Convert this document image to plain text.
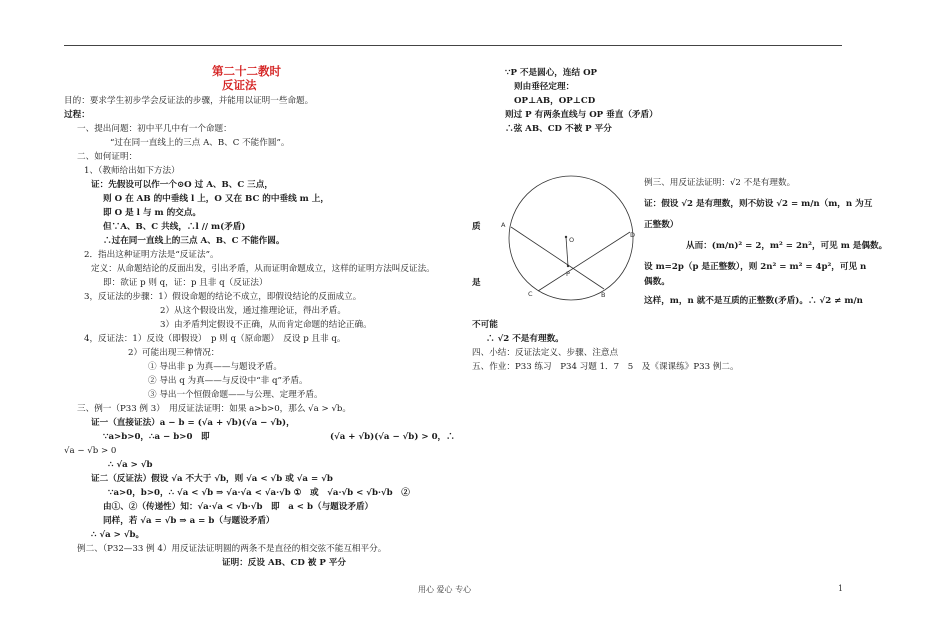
第二十二教时
反证法
目的：要求学生初步学会反证法的步骤，并能用以证明一些命题。
过程：
一、提出问题：初中平几中有一个命题：
“过在同一直线上的三点 A、B、C 不能作圆”。
二、如何证明：
1、（教师给出如下方法）
证：先假设可以作一个⊙O 过 A、B、C 三点，
则 O 在 AB 的中垂线 l 上，O 又在 BC 的中垂线 m 上，
即 O 是 l 与 m 的交点。
但∵A、B、C 共线，∴l // m(矛盾)
∴过在同一直线上的三点 A、B、C 不能作圆。
2．指出这种证明方法是“反证法”。
定义：从命题结论的反面出发，引出矛盾，从而证明命题成立，这样的证明方法叫反证法。
即：欲证 p 则 q，证：p 且非 q（反证法）
3，反证法的步骤：1）假设命题的结论不成立，即假设结论的反面成立。
2）从这个假设出发，通过推理论证，得出矛盾。
3）由矛盾判定假设不正确，从而肯定命题的结论正确。
4，反证法：1）反设（即假设）　p 则 q（原命题）　反设 p 且非 q。
2）可能出现三种情况：
① 导出非 p 为真——与题设矛盾。
② 导出 q 为真——与反设中“非 q”矛盾。
③ 导出一个恒假命题——与公理、定理矛盾。
三、例一（P33 例 3）　用反证法证明：如果 a>b>0，那么 √a > √b。
证一（直接证法）a − b = (√a + √b)(√a − √b)，
∵a>b>0，∴a − b>0　即	(√a + √b)(√a − √b) > 0，∴
√a − √b > 0
∴ √a > √b
证二（反证法）假设 √a 不大于 √b，则 √a < √b 或 √a = √b
∵a>0，b>0，∴ √a < √b ⇒ √a·√a < √a·√b ①　或　√a·√b < √b·√b　②
由①、②（传递性）知：√a·√a < √b·√b　即　a < b（与题设矛盾）
同样，若 √a = √b ⇒ a = b（与题设矛盾）
∴ √a > √b。
例二、（P32—33 例 4）用反证法证明圆的两条不是直径的相交弦不能互相平分。
证明：反设 AB、CD 被 P 平分
∵P 不是圆心，连结 OP
则由垂径定理：
OP⊥AB，OP⊥CD
则过 P 有两条直线与 OP 垂直（矛盾）
∴弦 AB、CD 不被 P 平分
质
是
例三、用反证法证明：√2 不是有理数。
证：假设 √2 是有理数，则不妨设 √2 = m/n（m，n 为互
正整数）
从而：(m/n)² = 2，m² = 2n²，可见 m 是偶数。
设 m=2p（p 是正整数），则 2n² = m² = 4p²，可见 n
偶数。
这样，m，n 就不是互质的正整数(矛盾)。∴ √2 ≠ m/n
不可能
∴ √2 不是有理数。
四、小结：反证法定义、步骤、注意点
五、作业：P33 练习　P34 习题 1．7　5　及《课课练》P33 例二。
A
B
C
D
O
P
用心 爱心 专心	1
